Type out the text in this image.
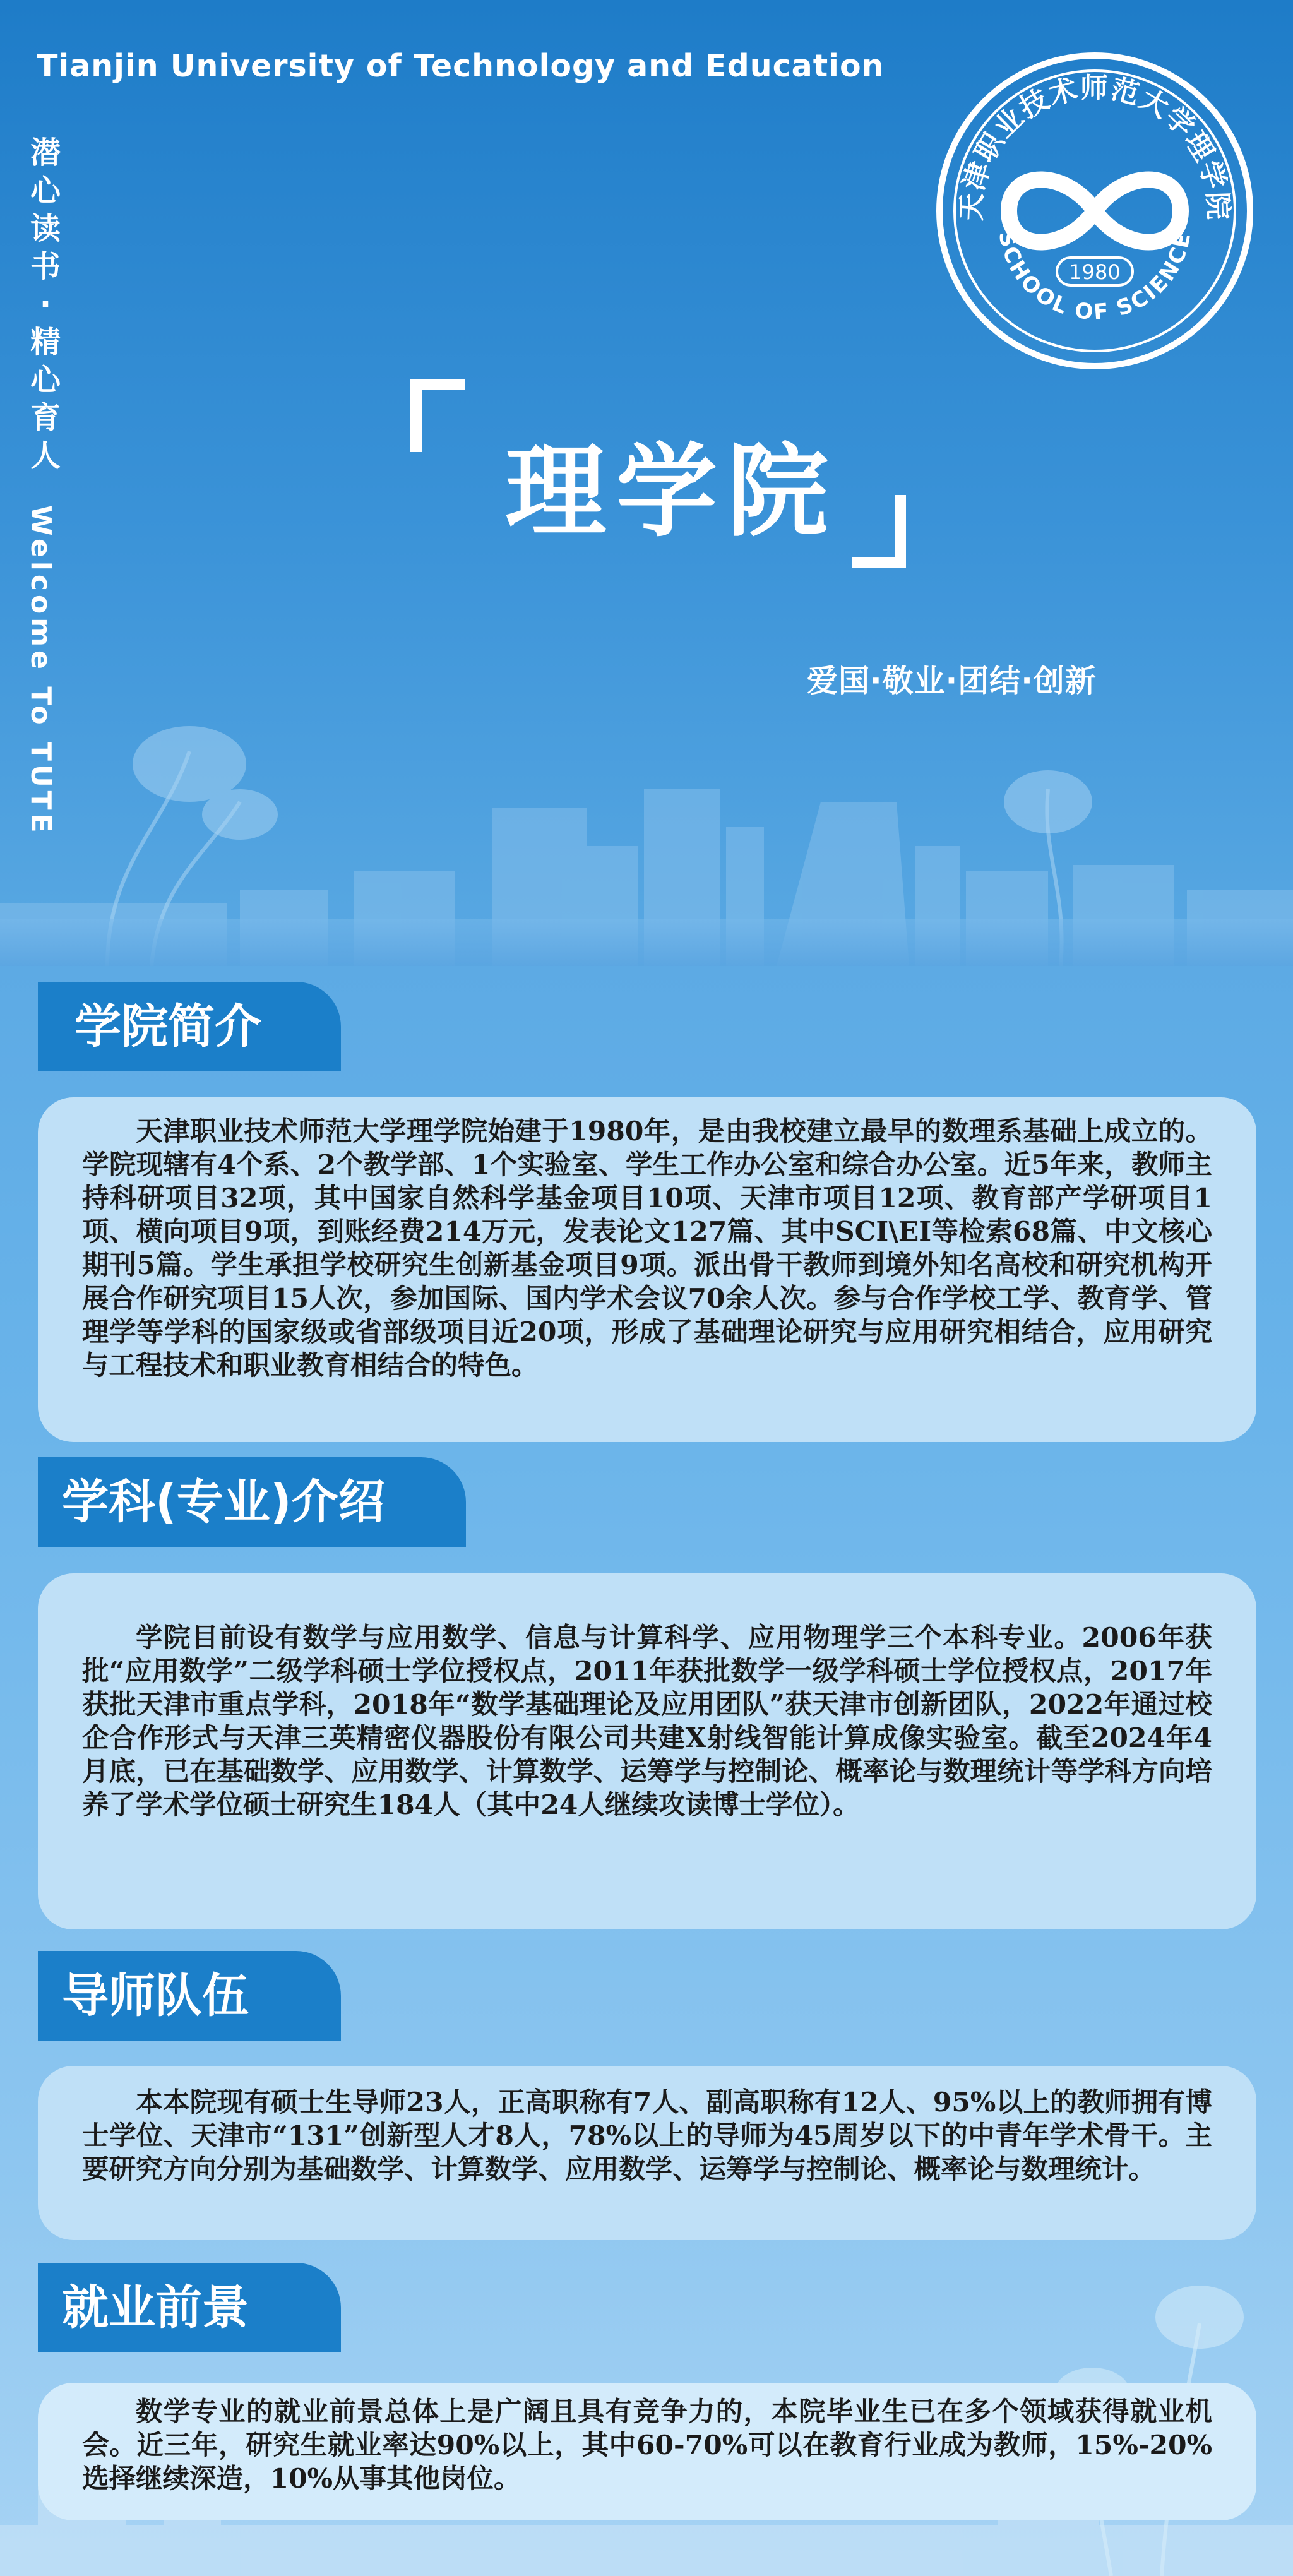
Tianjin University of Technology and Education
潜
心
读
书
·
精
心
育
人
Welcome To TUTE
理学院
爱国·敬业·团结·创新
天津职业技术师范大学理学院
SCHOOL OF SCIENCE
1980
学院简介

天津职业技术师范大学理学院始建于1980年，是由我校建立最早的数理系基础上成立的。学院现辖有4个系、2个教学部、1个实验室、学生工作办公室和综合办公室。近5年来，教师主持科研项目32项，其中国家自然科学基金项目10项、天津市项目12项、教育部产学研项目1项、横向项目9项，到账经费214万元，发表论文127篇、其中SCI\EI等检索68篇、中文核心期刊5篇。学生承担学校研究生创新基金项目9项。派出骨干教师到境外知名高校和研究机构开展合作研究项目15人次，参加国际、国内学术会议70余人次。参与合作学校工学、教育学、管理学等学科的国家级或省部级项目近20项，形成了基础理论研究与应用研究相结合，应用研究与工程技术和职业教育相结合的特色。

学科(专业)介绍

学院目前设有数学与应用数学、信息与计算科学、应用物理学三个本科专业。2006年获批“应用数学”二级学科硕士学位授权点，2011年获批数学一级学科硕士学位授权点，2017年获批天津市重点学科，2018年“数学基础理论及应用团队”获天津市创新团队，2022年通过校企合作形式与天津三英精密仪器股份有限公司共建X射线智能计算成像实验室。截至2024年4月底，已在基础数学、应用数学、计算数学、运筹学与控制论、概率论与数理统计等学科方向培养了学术学位硕士研究生184人（其中24人继续攻读博士学位）。

导师队伍

本本院现有硕士生导师23人，正高职称有7人、副高职称有12人、95%以上的教师拥有博士学位、天津市“131”创新型人才8人，78%以上的导师为45周岁以下的中青年学术骨干。主要研究方向分别为基础数学、计算数学、应用数学、运筹学与控制论、概率论与数理统计。

就业前景

数学专业的就业前景总体上是广阔且具有竞争力的，本院毕业生已在多个领域获得就业机会。近三年，研究生就业率达90%以上，其中60-70%可以在教育行业成为教师，15%-20%选择继续深造，10%从事其他岗位。
